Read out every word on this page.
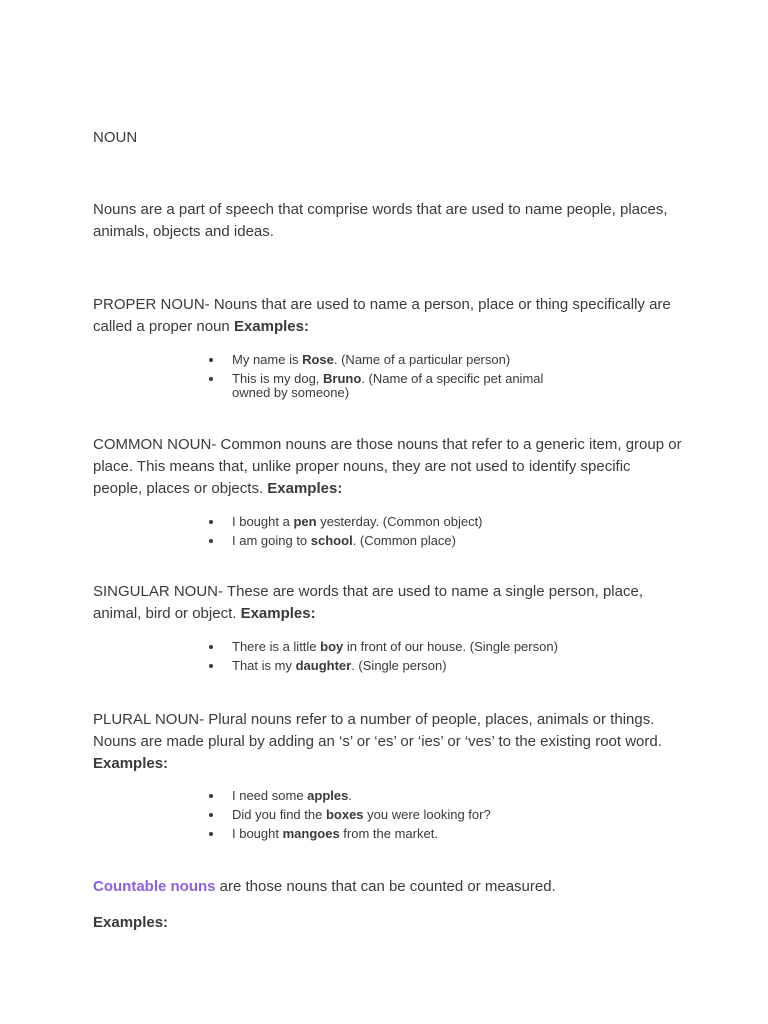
NOUN

Nouns are a part of speech that comprise words that are used to name people, places, animals, objects and ideas.

PROPER NOUN- Nouns that are used to name a person, place or thing specifically are called a proper noun Examples:

My name is Rose. (Name of a particular person)
This is my dog, Bruno. (Name of a specific pet animal owned by someone)

COMMON NOUN- Common nouns are those nouns that refer to a generic item, group or place. This means that, unlike proper nouns, they are not used to identify specific people, places or objects. Examples:

I bought a pen yesterday. (Common object)
I am going to school. (Common place)

SINGULAR NOUN- These are words that are used to name a single person, place, animal, bird or object. Examples:

There is a little boy in front of our house. (Single person)
That is my daughter. (Single person)

PLURAL NOUN- Plural nouns refer to a number of people, places, animals or things. Nouns are made plural by adding an ‘s’ or ‘es’ or ‘ies’ or ‘ves’ to the existing root word. Examples:

I need some apples.
Did you find the boxes you were looking for?
I bought mangoes from the market.

Countable nouns are those nouns that can be counted or measured.

Examples:
